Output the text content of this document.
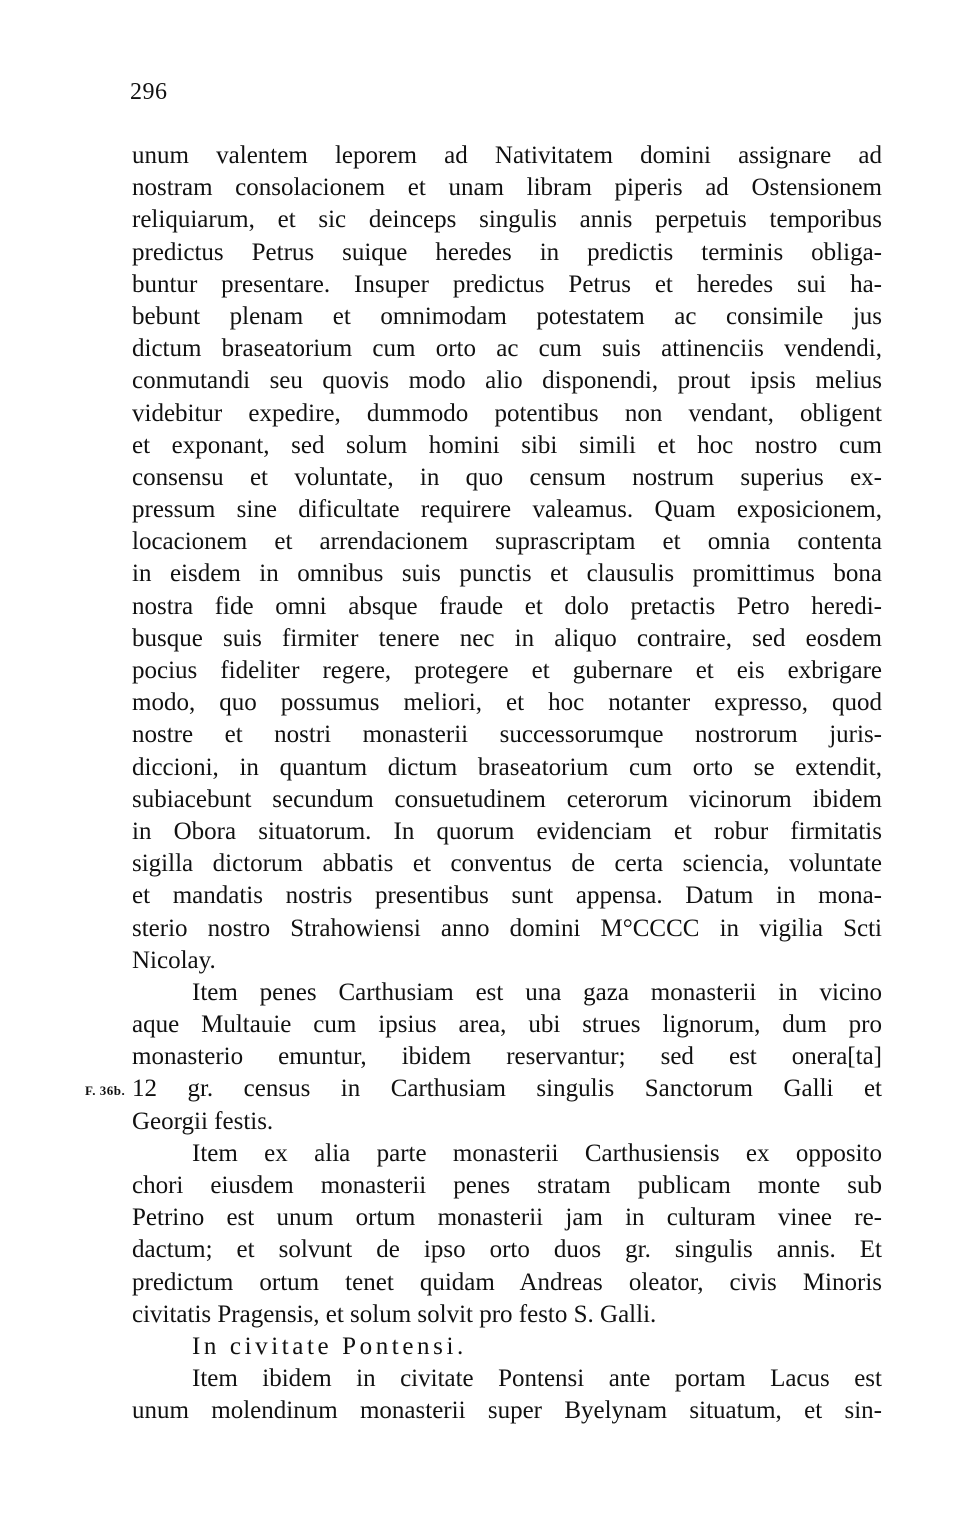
296
unum valentem leporem ad Nativitatem domini assignare ad
nostram consolacionem et unam libram piperis ad Ostensionem
reliquiarum, et sic deinceps singulis annis perpetuis temporibus
predictus Petrus suique heredes in predictis terminis obliga-
buntur presentare. Insuper predictus Petrus et heredes sui ha-
bebunt plenam et omnimodam potestatem ac consimile jus
dictum braseatorium cum orto ac cum suis attinenciis vendendi,
conmutandi seu quovis modo alio disponendi, prout ipsis melius
videbitur expedire, dummodo potentibus non vendant, obligent
et exponant, sed solum homini sibi simili et hoc nostro cum
consensu et voluntate, in quo censum nostrum superius ex-
pressum sine dificultate requirere valeamus. Quam exposicionem,
locacionem et arrendacionem suprascriptam et omnia contenta
in eisdem in omnibus suis punctis et clausulis promittimus bona
nostra fide omni absque fraude et dolo pretactis Petro heredi-
busque suis firmiter tenere nec in aliquo contraire, sed eosdem
pocius fideliter regere, protegere et gubernare et eis exbrigare
modo, quo possumus meliori, et hoc notanter expresso, quod
nostre et nostri monasterii successorumque nostrorum juris-
diccioni, in quantum dictum braseatorium cum orto se extendit,
subiacebunt secundum consuetudinem ceterorum vicinorum ibidem
in Obora situatorum. In quorum evidenciam et robur firmitatis
sigilla dictorum abbatis et conventus de certa sciencia, voluntate
et mandatis nostris presentibus sunt appensa. Datum in mona-
sterio nostro Strahowiensi anno domini M°CCCC in vigilia Scti
Nicolay.
Item penes Carthusiam est una gaza monasterii in vicino
aque Multauie cum ipsius area, ubi strues lignorum, dum pro
monasterio emuntur, ibidem reservantur; sed est onera[ta]
F. 36b. 12 gr. census in Carthusiam singulis Sanctorum Galli et
Georgii festis.
Item ex alia parte monasterii Carthusiensis ex opposito
chori eiusdem monasterii penes stratam publicam monte sub
Petrino est unum ortum monasterii jam in culturam vinee re-
dactum; et solvunt de ipso orto duos gr. singulis annis. Et
predictum ortum tenet quidam Andreas oleator, civis Minoris
civitatis Pragensis, et solum solvit pro festo S. Galli.
In civitate Pontensi.
Item ibidem in civitate Pontensi ante portam Lacus est
unum molendinum monasterii super Byelynam situatum, et sin-
